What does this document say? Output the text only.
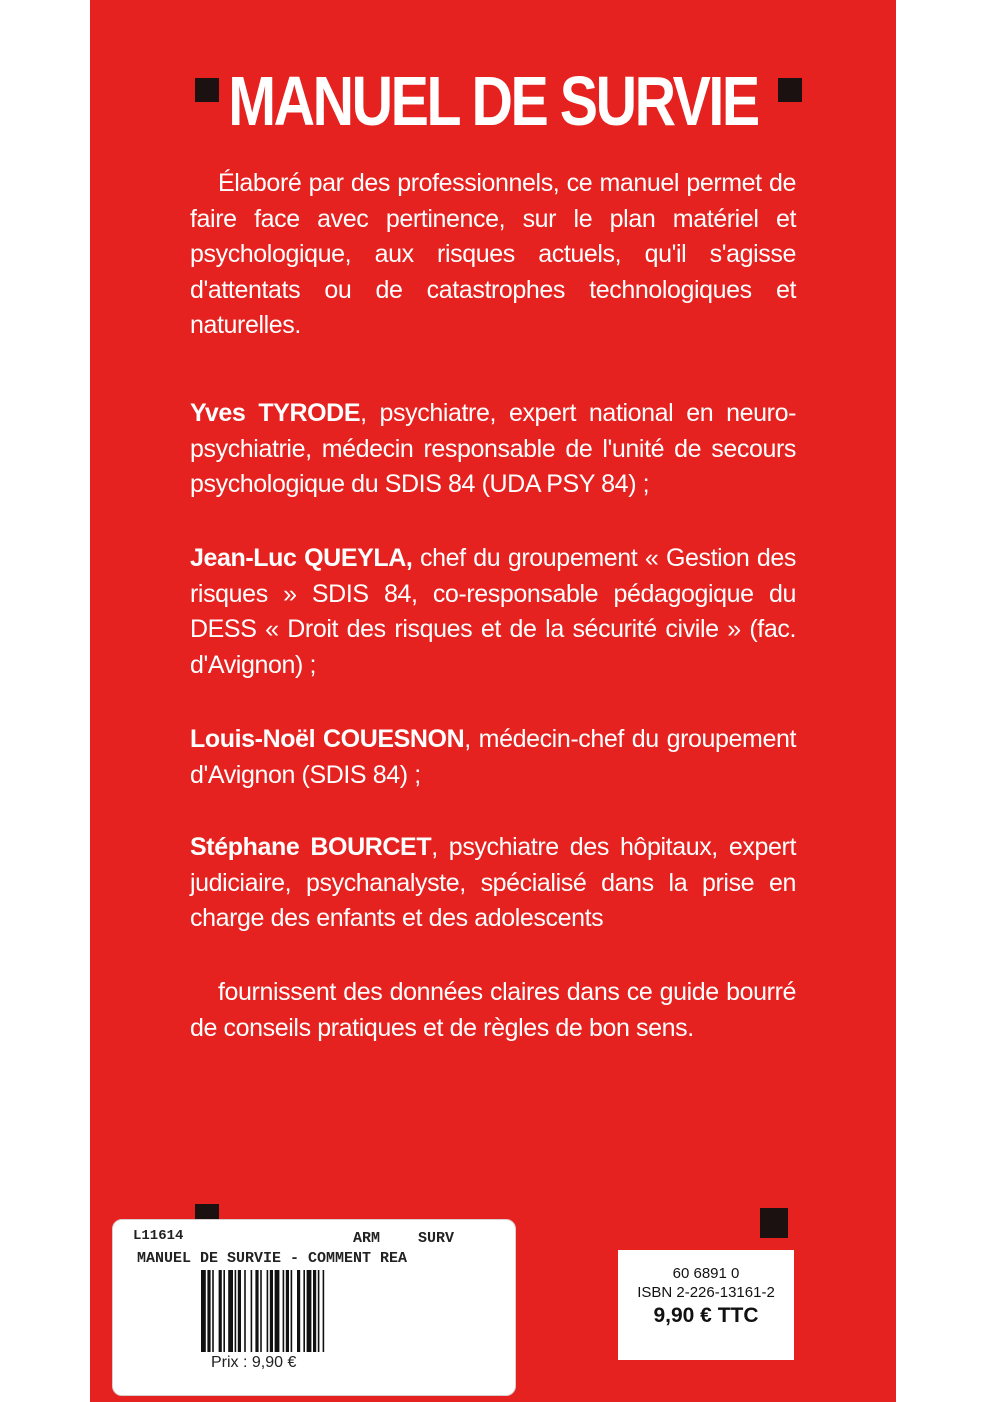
MANUEL DE SURVIE

Élaboré par des professionnels, ce manuel permet de faire face avec pertinence, sur le plan matériel et psychologique, aux risques actuels, qu'il s'agisse d'attentats ou de catastrophes technologiques et naturelles.

Yves TYRODE, psychiatre, expert national en neuro-psychiatrie, médecin responsable de l'unité de secours psychologique du SDIS 84 (UDA PSY 84) ;

Jean-Luc QUEYLA, chef du groupement « Gestion des risques » SDIS 84, co-responsable pédagogique du DESS « Droit des risques et de la sécurité civile » (fac. d'Avignon) ;

Louis-Noël COUESNON, médecin-chef du groupement d'Avignon (SDIS 84) ;

Stéphane BOURCET, psychiatre des hôpitaux, expert judiciaire, psychanalyste, spécialisé dans la prise en charge des enfants et des adolescents

fournissent des données claires dans ce guide bourré de conseils pratiques et de règles de bon sens.

L11614	ARM	SURV
MANUEL DE SURVIE - COMMENT REA
Prix : 9,90 €
60 6891 0
ISBN 2-226-13161-2
9,90 € TTC
